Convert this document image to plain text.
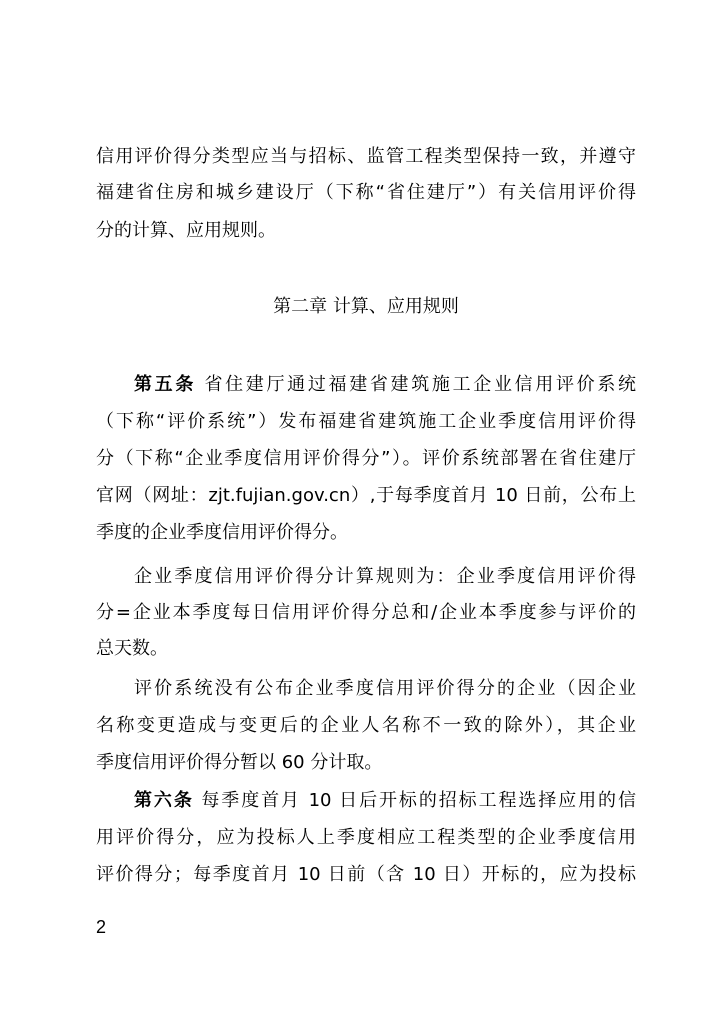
信用评价得分类型应当与招标、监管工程类型保持一致，并遵守
福建省住房和城乡建设厅（下称“省住建厅”）有关信用评价得
分的计算、应用规则。
第二章 计算、应用规则
第五条 省住建厅通过福建省建筑施工企业信用评价系统
（下称“评价系统”）发布福建省建筑施工企业季度信用评价得
分（下称“企业季度信用评价得分”）。评价系统部署在省住建厅
官网（网址：zjt.fujian.gov.cn）,于每季度首月 10 日前，公布上
季度的企业季度信用评价得分。
企业季度信用评价得分计算规则为：企业季度信用评价得
分=企业本季度每日信用评价得分总和/企业本季度参与评价的
总天数。
评价系统没有公布企业季度信用评价得分的企业（因企业
名称变更造成与变更后的企业人名称不一致的除外），其企业
季度信用评价得分暂以 60 分计取。
第六条 每季度首月 10 日后开标的招标工程选择应用的信
用评价得分，应为投标人上季度相应工程类型的企业季度信用
评价得分；每季度首月 10 日前（含 10 日）开标的，应为投标
2
